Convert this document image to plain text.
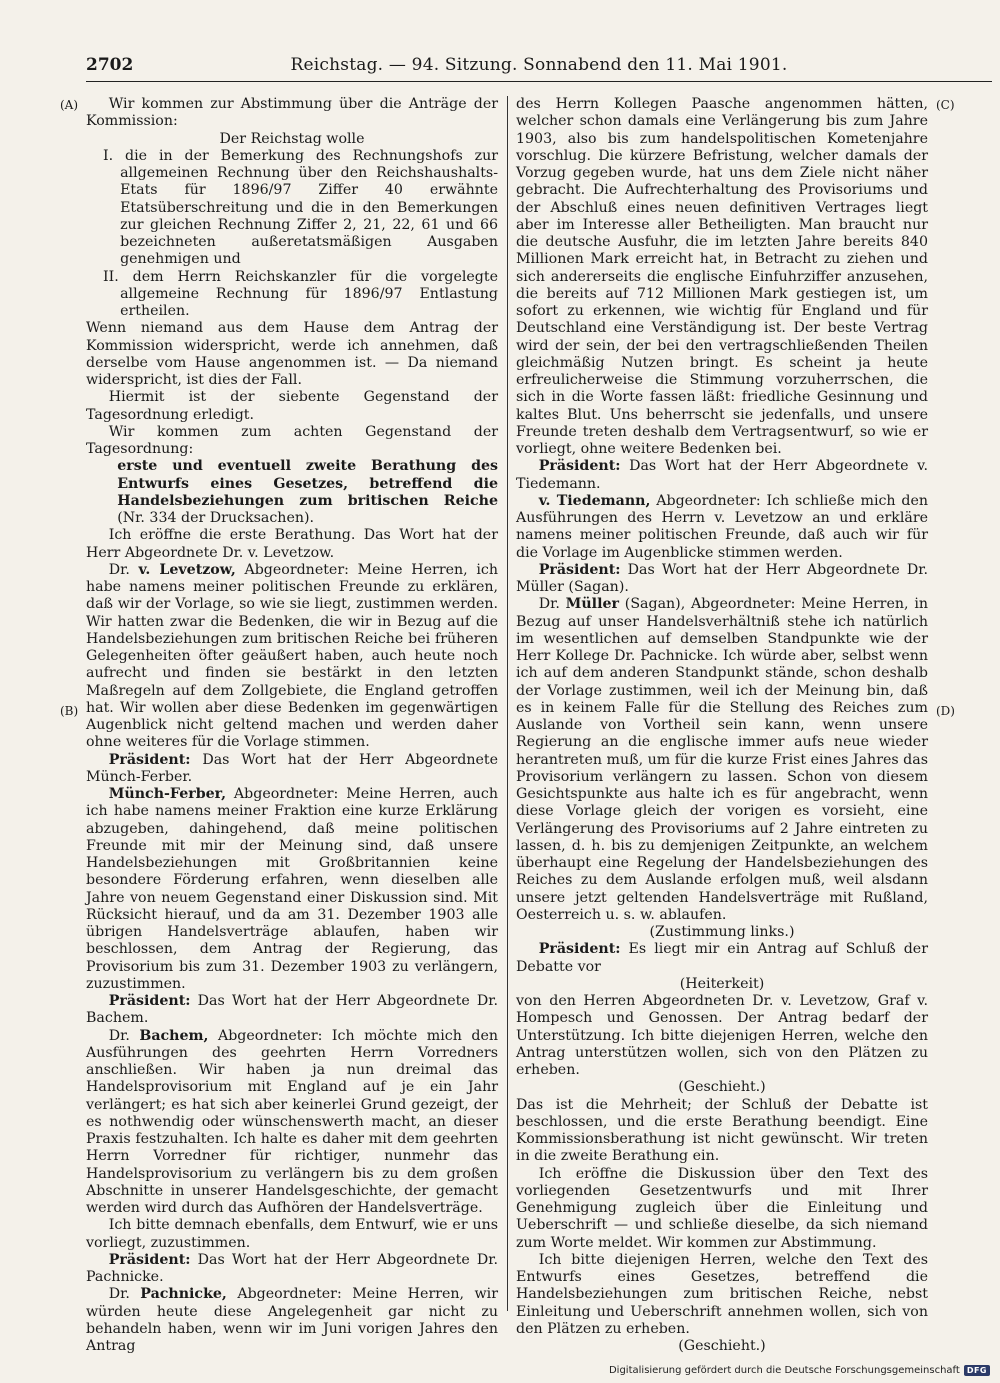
2702	Reichstag. — 94. Sitzung. Sonnabend den 11. Mai 1901.
(A)
(B)
(C)
(D)

Wir kommen zur Abstimmung über die Anträge der Kommission:

Der Reichstag wolle

I. die in der Bemerkung des Rechnungshofs zur allgemeinen Rechnung über den Reichshaushalts-Etats für 1896/97 Ziffer 40 erwähnte Etatsüberschreitung und die in den Bemerkungen zur gleichen Rechnung Ziffer 2, 21, 22, 61 und 66 bezeichneten außeretatsmäßigen Ausgaben genehmigen und

II. dem Herrn Reichskanzler für die vorgelegte allgemeine Rechnung für 1896/97 Entlastung ertheilen.

Wenn niemand aus dem Hause dem Antrag der Kommission widerspricht, werde ich annehmen, daß derselbe vom Hause angenommen ist. — Da niemand widerspricht, ist dies der Fall.

Hiermit ist der siebente Gegenstand der Tagesordnung erledigt.

Wir kommen zum achten Gegenstand der Tagesordnung:

erste und eventuell zweite Berathung des Entwurfs eines Gesetzes, betreffend die Handelsbeziehungen zum britischen Reiche (Nr. 334 der Drucksachen).

Ich eröffne die erste Berathung. Das Wort hat der Herr Abgeordnete Dr. v. Levetzow.

Dr. v. Levetzow, Abgeordneter: Meine Herren, ich habe namens meiner politischen Freunde zu erklären, daß wir der Vorlage, so wie sie liegt, zustimmen werden. Wir hatten zwar die Bedenken, die wir in Bezug auf die Handelsbeziehungen zum britischen Reiche bei früheren Gelegenheiten öfter geäußert haben, auch heute noch aufrecht und finden sie bestärkt in den letzten Maßregeln auf dem Zollgebiete, die England getroffen hat. Wir wollen aber diese Bedenken im gegenwärtigen Augenblick nicht geltend machen und werden daher ohne weiteres für die Vorlage stimmen.

Präsident: Das Wort hat der Herr Abgeordnete Münch-Ferber.

Münch-Ferber, Abgeordneter: Meine Herren, auch ich habe namens meiner Fraktion eine kurze Erklärung abzugeben, dahingehend, daß meine politischen Freunde mit mir der Meinung sind, daß unsere Handelsbeziehungen mit Großbritannien keine besondere Förderung erfahren, wenn dieselben alle Jahre von neuem Gegenstand einer Diskussion sind. Mit Rücksicht hierauf, und da am 31. Dezember 1903 alle übrigen Handelsverträge ablaufen, haben wir beschlossen, dem Antrag der Regierung, das Provisorium bis zum 31. Dezember 1903 zu verlängern, zuzustimmen.

Präsident: Das Wort hat der Herr Abgeordnete Dr. Bachem.

Dr. Bachem, Abgeordneter: Ich möchte mich den Ausführungen des geehrten Herrn Vorredners anschließen. Wir haben ja nun dreimal das Handelsprovisorium mit England auf je ein Jahr verlängert; es hat sich aber keinerlei Grund gezeigt, der es nothwendig oder wünschenswerth macht, an dieser Praxis festzuhalten. Ich halte es daher mit dem geehrten Herrn Vorredner für richtiger, nunmehr das Handelsprovisorium zu verlängern bis zu dem großen Abschnitte in unserer Handelsgeschichte, der gemacht werden wird durch das Aufhören der Handelsverträge.

Ich bitte demnach ebenfalls, dem Entwurf, wie er uns vorliegt, zuzustimmen.

Präsident: Das Wort hat der Herr Abgeordnete Dr. Pachnicke.

Dr. Pachnicke, Abgeordneter: Meine Herren, wir würden heute diese Angelegenheit gar nicht zu behandeln haben, wenn wir im Juni vorigen Jahres den Antrag

des Herrn Kollegen Paasche angenommen hätten, welcher schon damals eine Verlängerung bis zum Jahre 1903, also bis zum handelspolitischen Kometenjahre vorschlug. Die kürzere Befristung, welcher damals der Vorzug gegeben wurde, hat uns dem Ziele nicht näher gebracht. Die Aufrechterhaltung des Provisoriums und der Abschluß eines neuen definitiven Vertrages liegt aber im Interesse aller Betheiligten. Man braucht nur die deutsche Ausfuhr, die im letzten Jahre bereits 840 Millionen Mark erreicht hat, in Betracht zu ziehen und sich andererseits die englische Einfuhrziffer anzusehen, die bereits auf 712 Millionen Mark gestiegen ist, um sofort zu erkennen, wie wichtig für England und für Deutschland eine Verständigung ist. Der beste Vertrag wird der sein, der bei den vertragschließenden Theilen gleichmäßig Nutzen bringt. Es scheint ja heute erfreulicherweise die Stimmung vorzuherrschen, die sich in die Worte fassen läßt: friedliche Gesinnung und kaltes Blut. Uns beherrscht sie jedenfalls, und unsere Freunde treten deshalb dem Vertragsentwurf, so wie er vorliegt, ohne weitere Bedenken bei.

Präsident: Das Wort hat der Herr Abgeordnete v. Tiedemann.

v. Tiedemann, Abgeordneter: Ich schließe mich den Ausführungen des Herrn v. Levetzow an und erkläre namens meiner politischen Freunde, daß auch wir für die Vorlage im Augenblicke stimmen werden.

Präsident: Das Wort hat der Herr Abgeordnete Dr. Müller (Sagan).

Dr. Müller (Sagan), Abgeordneter: Meine Herren, in Bezug auf unser Handelsverhältniß stehe ich natürlich im wesentlichen auf demselben Standpunkte wie der Herr Kollege Dr. Pachnicke. Ich würde aber, selbst wenn ich auf dem anderen Standpunkt stände, schon deshalb der Vorlage zustimmen, weil ich der Meinung bin, daß es in keinem Falle für die Stellung des Reiches zum Auslande von Vortheil sein kann, wenn unsere Regierung an die englische immer aufs neue wieder herantreten muß, um für die kurze Frist eines Jahres das Provisorium verlängern zu lassen. Schon von diesem Gesichtspunkte aus halte ich es für angebracht, wenn diese Vorlage gleich der vorigen es vorsieht, eine Verlängerung des Provisoriums auf 2 Jahre eintreten zu lassen, d. h. bis zu demjenigen Zeitpunkte, an welchem überhaupt eine Regelung der Handelsbeziehungen des Reiches zu dem Auslande erfolgen muß, weil alsdann unsere jetzt geltenden Handelsverträge mit Rußland, Oesterreich u. s. w. ablaufen.

(Zustimmung links.)

Präsident: Es liegt mir ein Antrag auf Schluß der Debatte vor

(Heiterkeit)

von den Herren Abgeordneten Dr. v. Levetzow, Graf v. Hompesch und Genossen. Der Antrag bedarf der Unterstützung. Ich bitte diejenigen Herren, welche den Antrag unterstützen wollen, sich von den Plätzen zu erheben.

(Geschieht.)

Das ist die Mehrheit; der Schluß der Debatte ist beschlossen, und die erste Berathung beendigt. Eine Kommissionsberathung ist nicht gewünscht. Wir treten in die zweite Berathung ein.

Ich eröffne die Diskussion über den Text des vorliegenden Gesetzentwurfs und mit Ihrer Genehmigung zugleich über die Einleitung und Ueberschrift — und schließe dieselbe, da sich niemand zum Worte meldet. Wir kommen zur Abstimmung.

Ich bitte diejenigen Herren, welche den Text des Entwurfs eines Gesetzes, betreffend die Handelsbeziehungen zum britischen Reiche, nebst Einleitung und Ueberschrift annehmen wollen, sich von den Plätzen zu erheben.

(Geschieht.)

Digitalisierung gefördert durch die Deutsche Forschungsgemeinschaft DFG
